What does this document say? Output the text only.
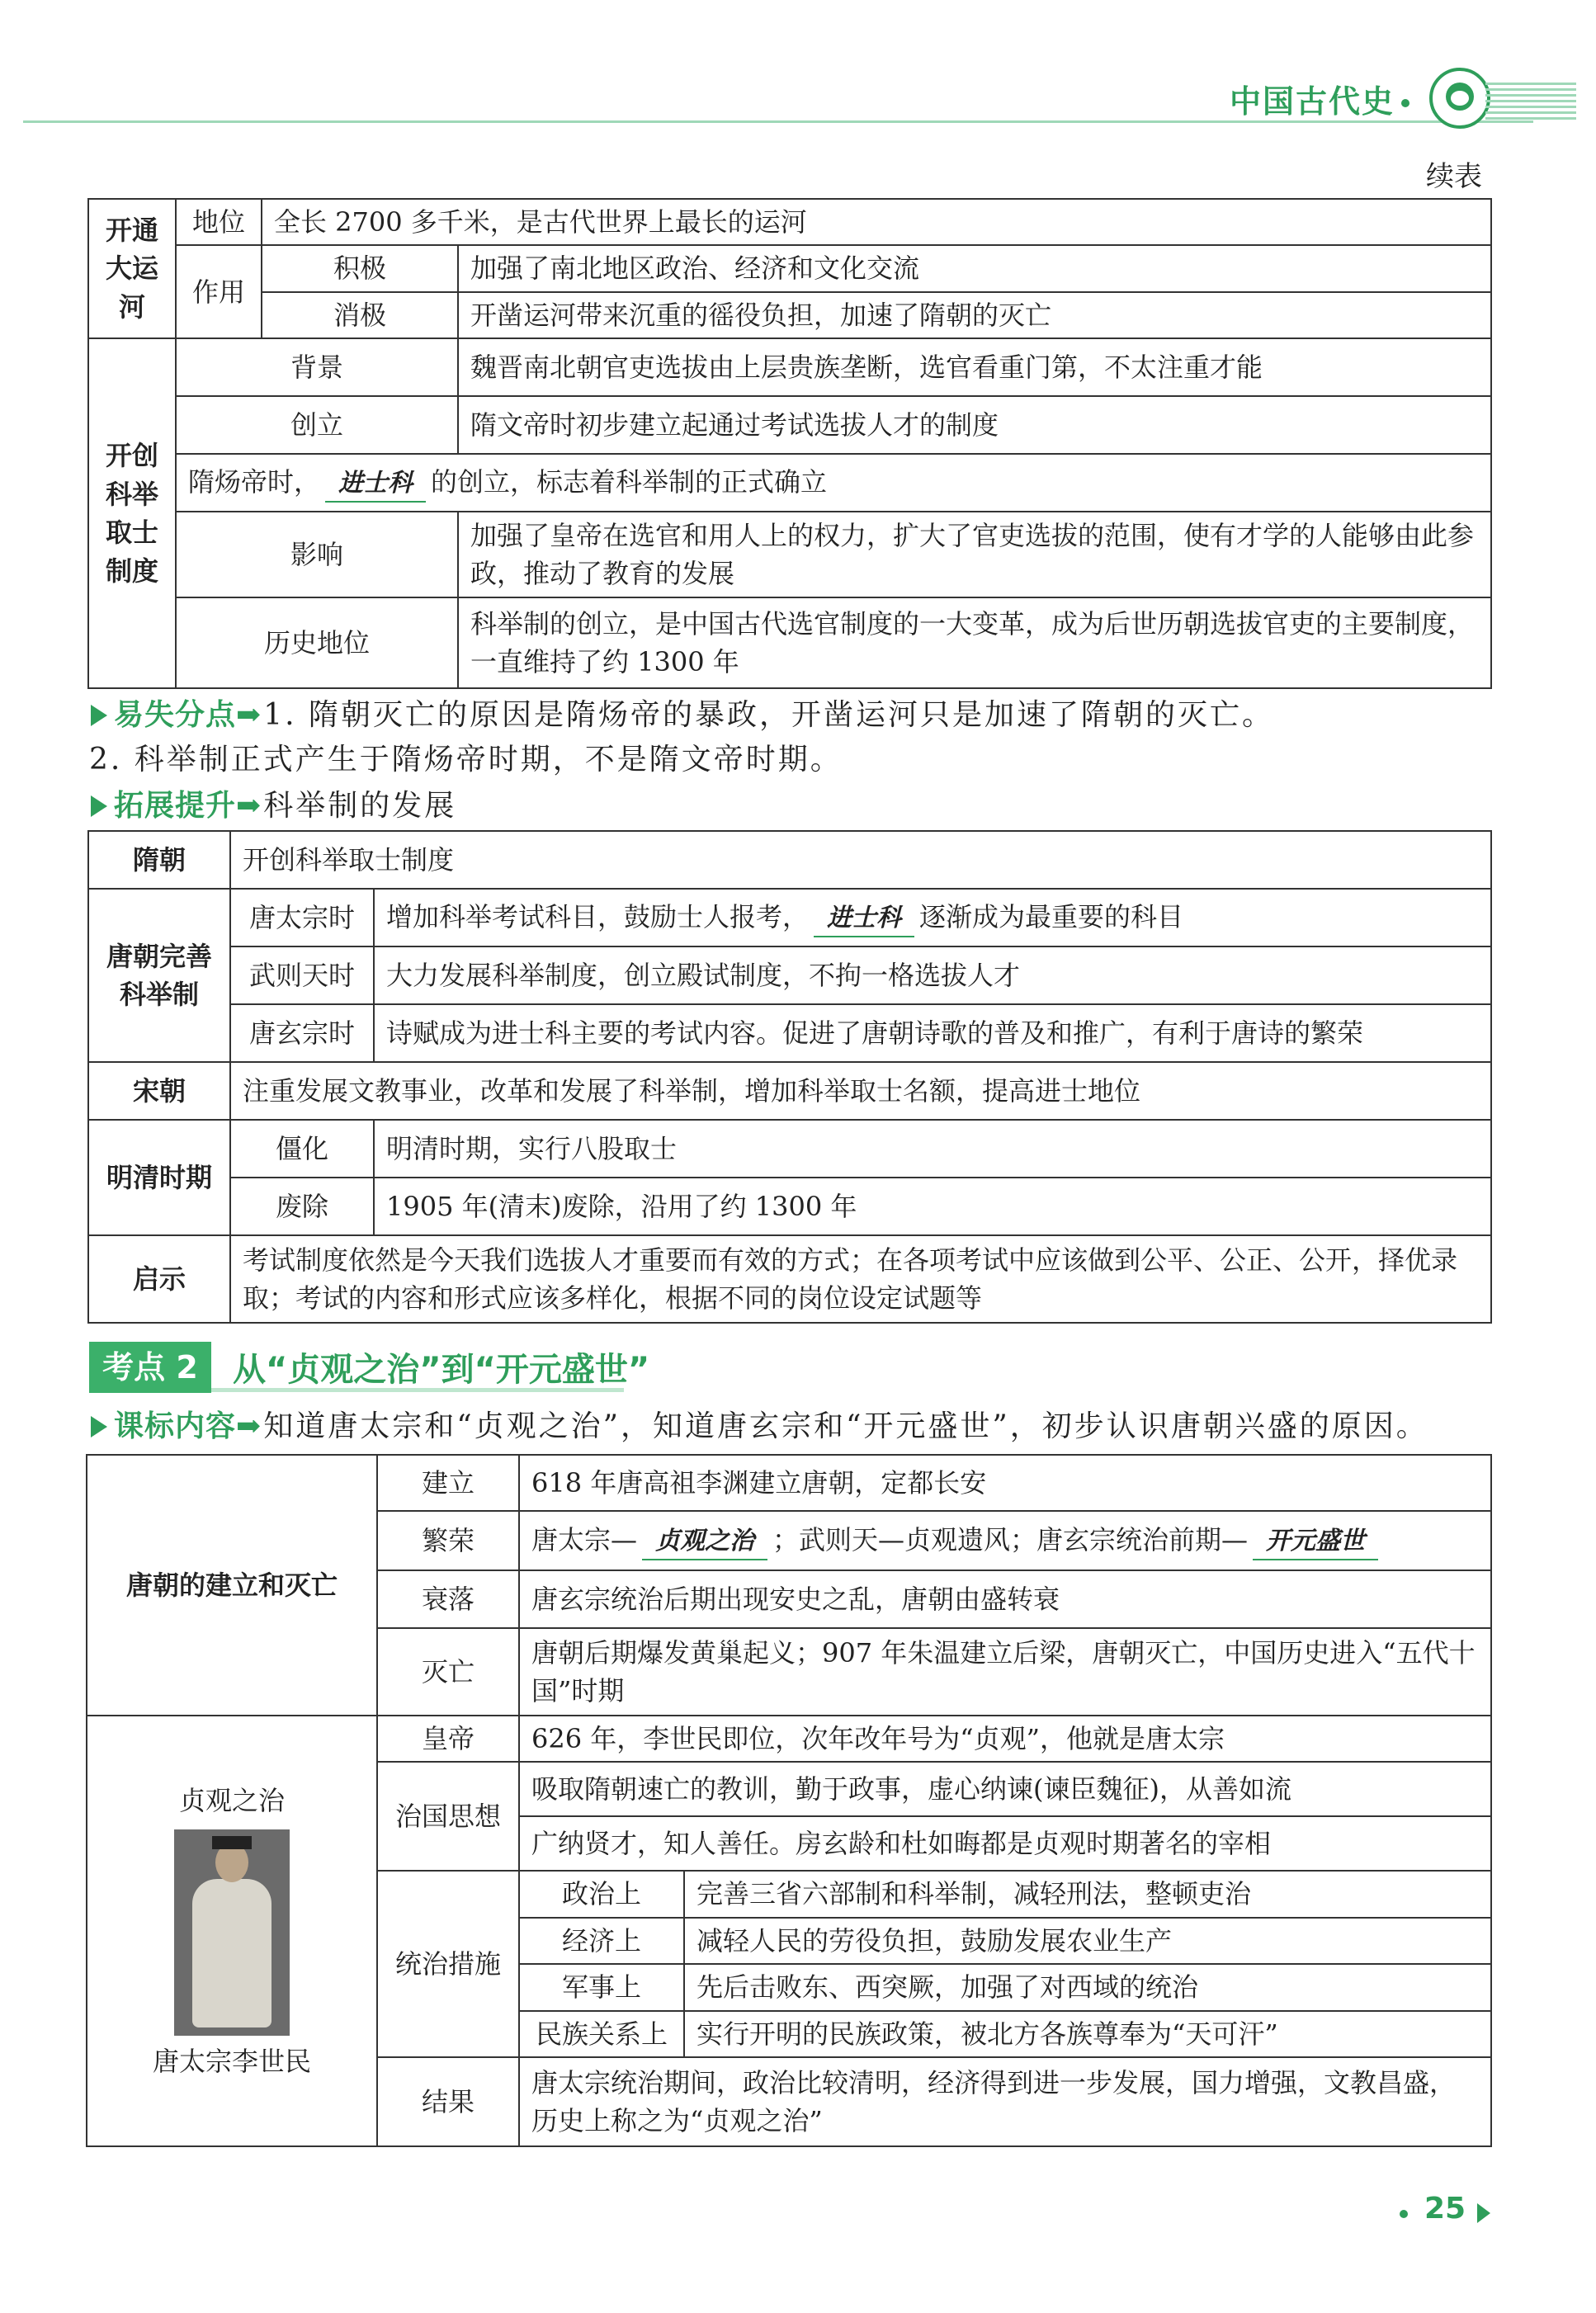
中国古代史
续表
开通大运河	地位	全长 2700 多千米，是古代世界上最长的运河	
	作用	积极	加强了南北地区政治、经济和文化交流
		消极	开凿运河带来沉重的徭役负担，加速了隋朝的灭亡
开创科举取士制度	背景		魏晋南北朝官吏选拔由上层贵族垄断，选官看重门第，不太注重才能
	创立		隋文帝时初步建立起通过考试选拔人才的制度
	隋炀帝时， 进士科 的创立，标志着科举制的正式确立		
	影响		加强了皇帝在选官和用人上的权力，扩大了官吏选拔的范围，使有才学的人能够由此参政，推动了教育的发展
	历史地位		科举制的创立，是中国古代选官制度的一大变革，成为后世历朝选拔官吏的主要制度，一直维持了约 1300 年
易失分点➡1. 隋朝灭亡的原因是隋炀帝的暴政，开凿运河只是加速了隋朝的灭亡。
2. 科举制正式产生于隋炀帝时期，不是隋文帝时期。
拓展提升➡科举制的发展
隋朝	开创科举取士制度	
唐朝完善科举制	唐太宗时	增加科举考试科目，鼓励士人报考， 进士科 逐渐成为最重要的科目
	武则天时	大力发展科举制度，创立殿试制度，不拘一格选拔人才
	唐玄宗时	诗赋成为进士科主要的考试内容。促进了唐朝诗歌的普及和推广，有利于唐诗的繁荣
宋朝	注重发展文教事业，改革和发展了科举制，增加科举取士名额，提高进士地位	
明清时期	僵化	明清时期，实行八股取士
	废除	1905 年(清末)废除，沿用了约 1300 年
启示	考试制度依然是今天我们选拔人才重要而有效的方式；在各项考试中应该做到公平、公正、公开，择优录取；考试的内容和形式应该多样化，根据不同的岗位设定试题等	
考点 2	从“贞观之治”到“开元盛世”
课标内容➡知道唐太宗和“贞观之治”，知道唐玄宗和“开元盛世”，初步认识唐朝兴盛的原因。
唐朝的建立和灭亡	建立	618 年唐高祖李渊建立唐朝，定都长安	
	繁荣	唐太宗— 贞观之治 ；武则天—贞观遗风；唐玄宗统治前期— 开元盛世	
	衰落	唐玄宗统治后期出现安史之乱，唐朝由盛转衰	
	灭亡	唐朝后期爆发黄巢起义；907 年朱温建立后梁，唐朝灭亡，中国历史进入“五代十国”时期	

贞观之治
唐太宗李世民	皇帝	626 年，李世民即位，次年改年号为“贞观”，他就是唐太宗	
	治国思想	吸取隋朝速亡的教训，勤于政事，虚心纳谏(谏臣魏征)，从善如流	
		广纳贤才，知人善任。房玄龄和杜如晦都是贞观时期著名的宰相	
	统治措施	政治上	完善三省六部制和科举制，减轻刑法，整顿吏治
		经济上	减轻人民的劳役负担，鼓励发展农业生产
		军事上	先后击败东、西突厥，加强了对西域的统治
		民族关系上	实行开明的民族政策，被北方各族尊奉为“天可汗”
	结果	唐太宗统治期间，政治比较清明，经济得到进一步发展，国力增强，文教昌盛，历史上称之为“贞观之治”	

25
